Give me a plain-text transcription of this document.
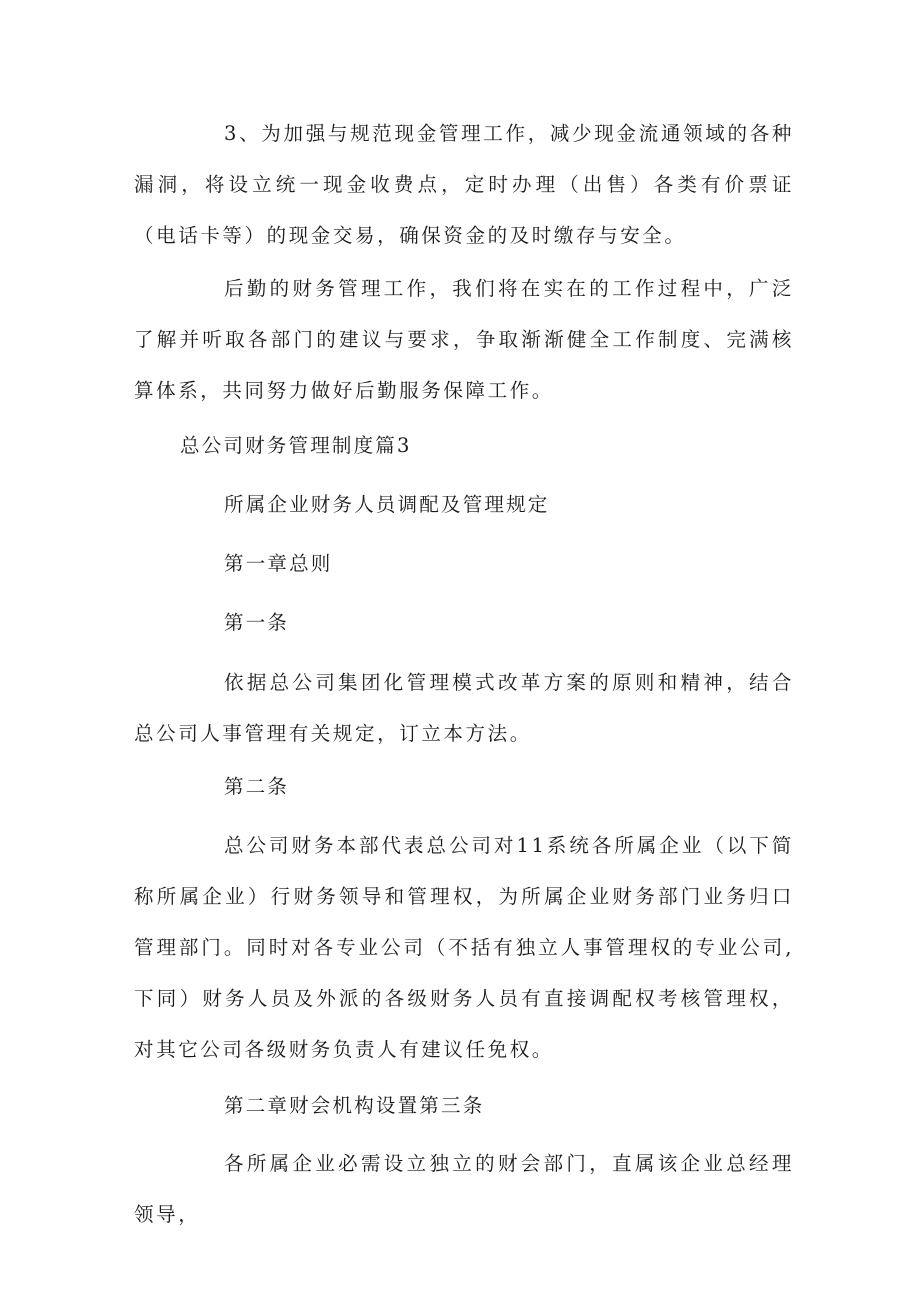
3、为加强与规范现金管理工作，减少现金流通领域的各种漏洞，将设立统一现金收费点，定时办理（出售）各类有价票证（电话卡等）的现金交易，确保资金的及时缴存与安全。

后勤的财务管理工作，我们将在实在的工作过程中，广泛了解并听取各部门的建议与要求，争取渐渐健全工作制度、完满核算体系，共同努力做好后勤服务保障工作。

总公司财务管理制度篇3

所属企业财务人员调配及管理规定

第一章总则

第一条

依据总公司集团化管理模式改革方案的原则和精神，结合总公司人事管理有关规定，订立本方法。

第二条

总公司财务本部代表总公司对11系统各所属企业（以下简称所属企业）行财务领导和管理权，为所属企业财务部门业务归口管理部门。同时对各专业公司（不括有独立人事管理权的专业公司,下同）财务人员及外派的各级财务人员有直接调配权考核管理权，对其它公司各级财务负责人有建议任免权。

第二章财会机构设置第三条

各所属企业必需设立独立的财会部门，直属该企业总经理领导，
